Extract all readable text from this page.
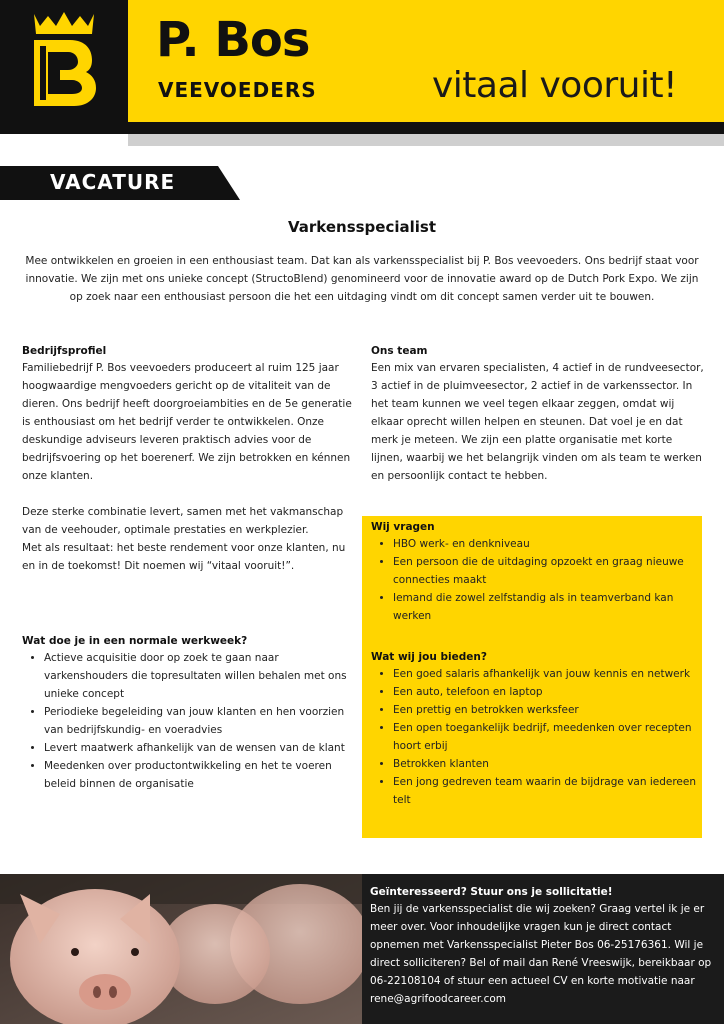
P. Bos
VEEVOEDERS	vitaal vooruit!
VACATURE
Varkensspecialist
Mee ontwikkelen en groeien in een enthousiast team. Dat kan als varkensspecialist bij P. Bos veevoeders. Ons bedrijf staat voor innovatie. We zijn met ons unieke concept (StructoBlend) genomineerd voor de innovatie award op de Dutch Pork Expo. We zijn op zoek naar een enthousiast persoon die het een uitdaging vindt om dit concept samen verder uit te bouwen.
Bedrijfsprofiel

Familiebedrijf P. Bos veevoeders produceert al ruim 125 jaar hoogwaardige mengvoeders gericht op de vitaliteit van de dieren. Ons bedrijf heeft doorgroeiambities en de 5e generatie is enthousiast om het bedrijf verder te ontwikkelen. Onze deskundige adviseurs leveren praktisch advies voor de bedrijfsvoering op het boerenerf. We zijn betrokken en kénnen onze klanten.

Deze sterke combinatie levert, samen met het vakmanschap van de veehouder, optimale prestaties en werkplezier.

Met als resultaat: het beste rendement voor onze klanten, nu en in de toekomst! Dit noemen wij “vitaal vooruit!”.

Wat doe je in een normale werkweek?
• Actieve acquisitie door op zoek te gaan naar varkenshouders die topresultaten willen behalen met ons unieke concept
• Periodieke begeleiding van jouw klanten en hen voorzien van bedrijfskundig- en voeradvies
• Levert maatwerk afhankelijk van de wensen van de klant
• Meedenken over productontwikkeling en het te voeren beleid binnen de organisatie
Ons team

Een mix van ervaren specialisten, 4 actief in de rundveesector, 3 actief in de pluimveesector, 2 actief in de varkenssector. In het team kunnen we veel tegen elkaar zeggen, omdat wij elkaar oprecht willen helpen en steunen. Dat voel je en dat merk je meteen. We zijn een platte organisatie met korte lijnen, waarbij we het belangrijk vinden om als team te werken en persoonlijk contact te hebben.

Wij vragen
• HBO werk- en denkniveau
• Een persoon die de uitdaging opzoekt en graag nieuwe connecties maakt
• Iemand die zowel zelfstandig als in teamverband kan werken
Wat wij jou bieden?
• Een goed salaris afhankelijk van jouw kennis en netwerk
• Een auto, telefoon en laptop
• Een prettig en betrokken werksfeer
• Een open toegankelijk bedrijf, meedenken over recepten hoort erbij
• Betrokken klanten
• Een jong gedreven team waarin de bijdrage van iedereen telt
Geïnteresseerd? Stuur ons je sollicitatie!

Ben jij de varkensspecialist die wij zoeken? Graag vertel ik je er meer over. Voor inhoudelijke vragen kun je direct contact opnemen met Varkensspecialist Pieter Bos 06-25176361. Wil je direct solliciteren? Bel of mail dan René Vreeswijk, bereikbaar op 06-22108104 of stuur een actueel CV en korte motivatie naar rene@agrifoodcareer.com
